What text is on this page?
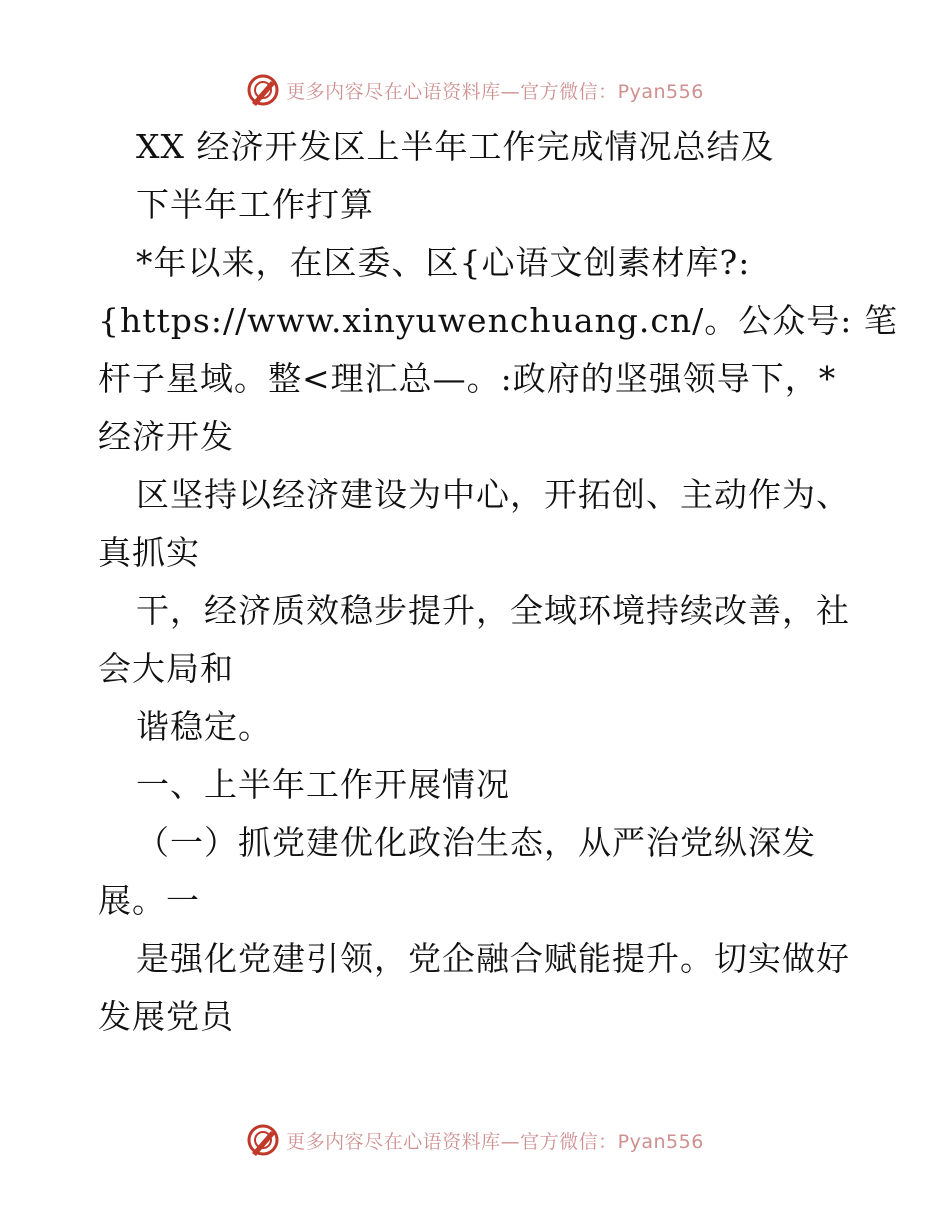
更多内容尽在心语资料库—官方微信：Pyan556
XX 经济开发区上半年工作完成情况总结及
下半年工作打算
*年以来，在区委、区{心语文创素材库?:
{https://www.xinyuwenchuang.cn/。公众号: 笔
杆子星域。整<理汇总—。:政府的坚强领导下，*
经济开发
区坚持以经济建设为中心，开拓创、主动作为、
真抓实
干，经济质效稳步提升，全域环境持续改善，社
会大局和
谐稳定。
一、上半年工作开展情况
（一）抓党建优化政治生态，从严治党纵深发
展。一
是强化党建引领，党企融合赋能提升。切实做好
发展党员
更多内容尽在心语资料库—官方微信：Pyan556
